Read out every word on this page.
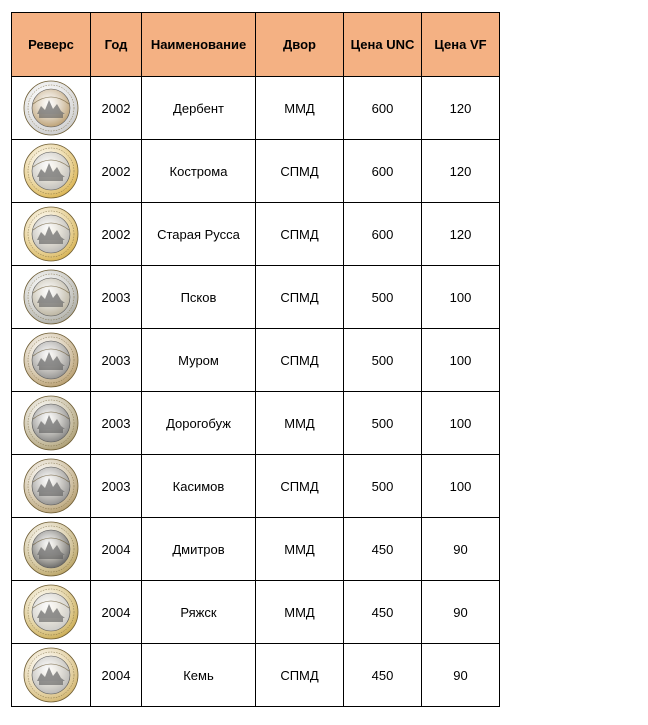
Реверс	Год	Наименование	Двор	Цена UNC	Цена VF

	2002	Дербент	ММД	600	120

	2002	Кострома	СПМД	600	120

	2002	Старая Русса	СПМД	600	120

	2003	Псков	СПМД	500	100

	2003	Муром	СПМД	500	100

	2003	Дорогобуж	ММД	500	100

	2003	Касимов	СПМД	500	100

	2004	Дмитров	ММД	450	90

	2004	Ряжск	ММД	450	90

	2004	Кемь	СПМД	450	90
